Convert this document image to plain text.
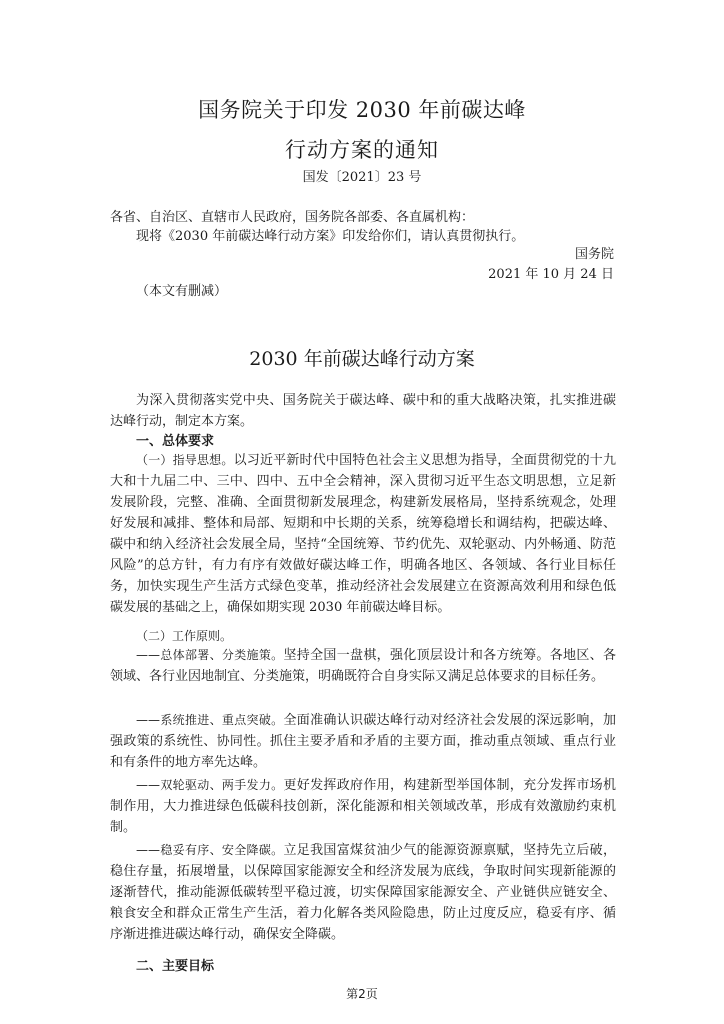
国务院关于印发 2030 年前碳达峰
行动方案的通知
国发〔2021〕23 号
各省、自治区、直辖市人民政府，国务院各部委、各直属机构：
现将《2030 年前碳达峰行动方案》印发给你们，请认真贯彻执行。
国务院
2021 年 10 月 24 日
（本文有删减）
2030 年前碳达峰行动方案

为深入贯彻落实党中央、国务院关于碳达峰、碳中和的重大战略决策，扎实推进碳达峰行动，制定本方案。

一、总体要求

（一）指导思想。以习近平新时代中国特色社会主义思想为指导，全面贯彻党的十九大和十九届二中、三中、四中、五中全会精神，深入贯彻习近平生态文明思想，立足新发展阶段，完整、准确、全面贯彻新发展理念，构建新发展格局，坚持系统观念，处理好发展和减排、整体和局部、短期和中长期的关系，统筹稳增长和调结构，把碳达峰、碳中和纳入经济社会发展全局，坚持“全国统筹、节约优先、双轮驱动、内外畅通、防范风险”的总方针，有力有序有效做好碳达峰工作，明确各地区、各领域、各行业目标任务，加快实现生产生活方式绿色变革，推动经济社会发展建立在资源高效利用和绿色低碳发展的基础之上，确保如期实现 2030 年前碳达峰目标。

（二）工作原则。

——总体部署、分类施策。坚持全国一盘棋，强化顶层设计和各方统筹。各地区、各领域、各行业因地制宜、分类施策，明确既符合自身实际又满足总体要求的目标任务。

——系统推进、重点突破。全面准确认识碳达峰行动对经济社会发展的深远影响，加强政策的系统性、协同性。抓住主要矛盾和矛盾的主要方面，推动重点领域、重点行业和有条件的地方率先达峰。

——双轮驱动、两手发力。更好发挥政府作用，构建新型举国体制，充分发挥市场机制作用，大力推进绿色低碳科技创新，深化能源和相关领域改革，形成有效激励约束机制。

——稳妥有序、安全降碳。立足我国富煤贫油少气的能源资源禀赋，坚持先立后破，稳住存量，拓展增量，以保障国家能源安全和经济发展为底线，争取时间实现新能源的逐渐替代，推动能源低碳转型平稳过渡，切实保障国家能源安全、产业链供应链安全、粮食安全和群众正常生产生活，着力化解各类风险隐患，防止过度反应，稳妥有序、循序渐进推进碳达峰行动，确保安全降碳。

二、主要目标
第2页
